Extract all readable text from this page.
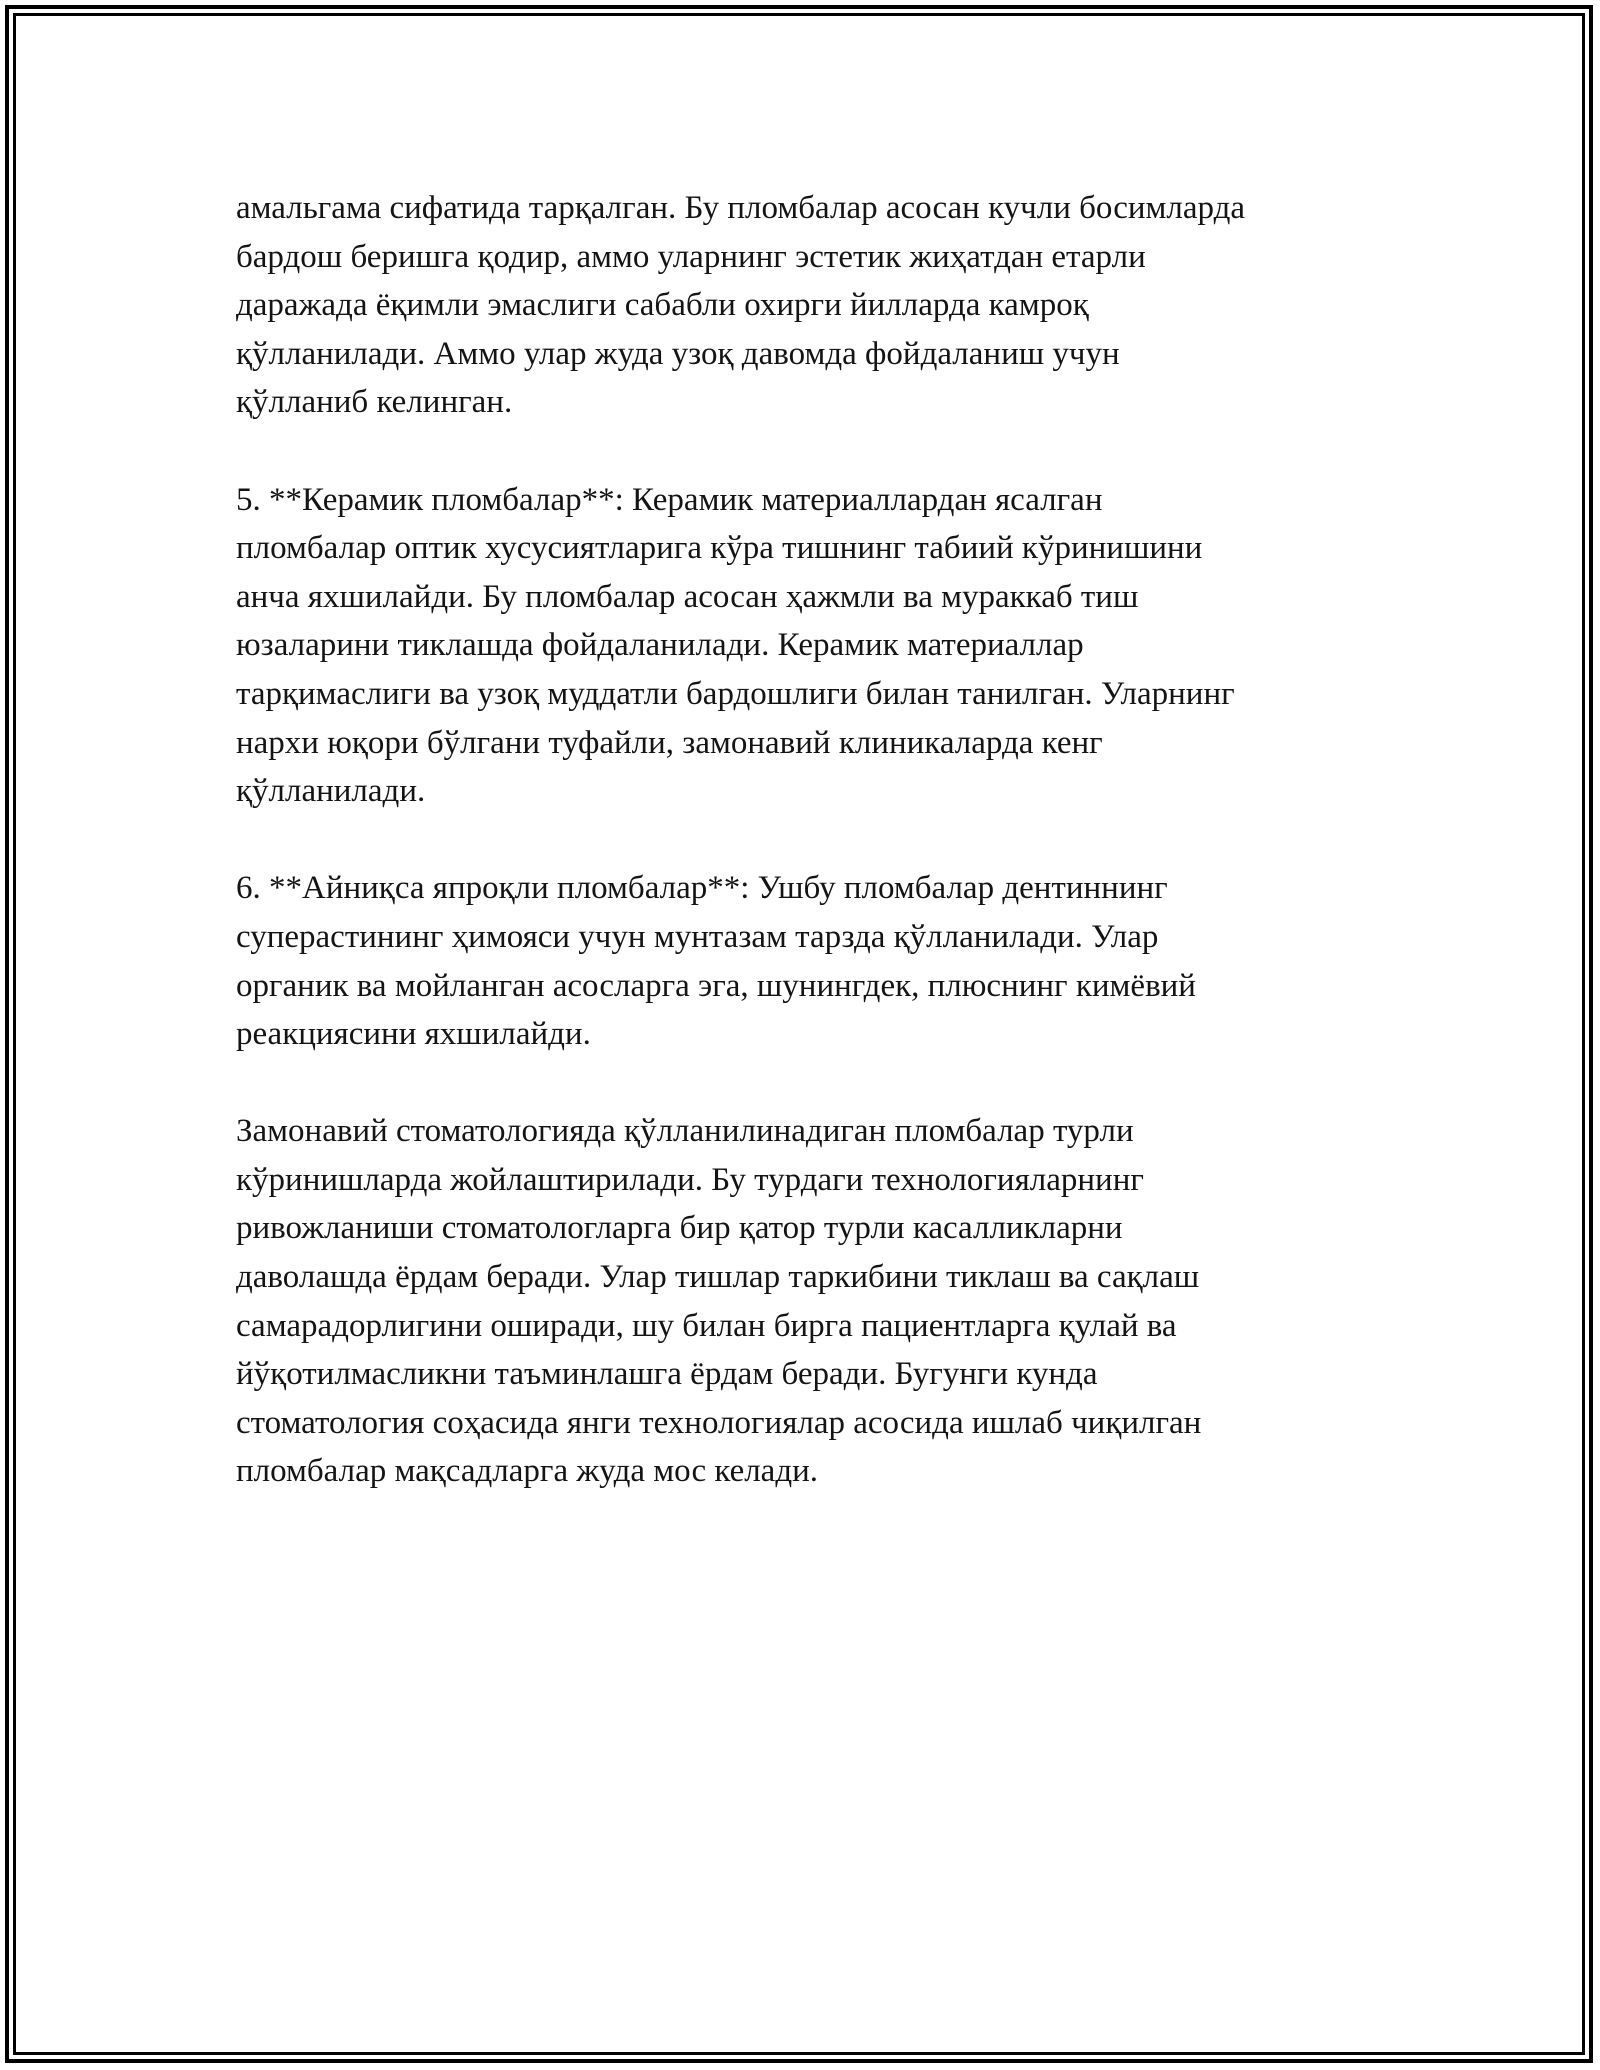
амальгама сифатида тарқалган. Бу пломбалар асосан кучли босимларда
бардош беришга қодир, аммо уларнинг эстетик жиҳатдан етарли
даражада ёқимли эмаслиги сабабли охирги йилларда камроқ
қўлланилади. Аммо улар жуда узоқ давомда фойдаланиш учун
қўлланиб келинган.

5. **Керамик пломбалар**: Керамик материаллардан ясалган
пломбалар оптик хусусиятларига кўра тишнинг табиий кўринишини
анча яхшилайди. Бу пломбалар асосан ҳажмли ва мураккаб тиш
юзаларини тиклашда фойдаланилади. Керамик материаллар
тарқимаслиги ва узоқ муддатли бардошлиги билан танилган. Уларнинг
нархи юқори бўлгани туфайли, замонавий клиникаларда кенг
қўлланилади.

6. **Айниқса япроқли пломбалар**: Ушбу пломбалар дентиннинг
суперастининг ҳимояси учун мунтазам тарзда қўлланилади. Улар
органик ва мойланган асосларга эга, шунингдек, плюснинг кимёвий
реакциясини яхшилайди.

Замонавий стоматологияда қўлланилинадиган пломбалар турли
кўринишларда жойлаштирилади. Бу турдаги технологияларнинг
ривожланиши стоматологларга бир қатор турли касалликларни
даволашда ёрдам беради. Улар тишлар таркибини тиклаш ва сақлаш
самарадорлигини оширади, шу билан бирга пациентларга қулай ва
йўқотилмасликни таъминлашга ёрдам беради. Бугунги кунда
стоматология соҳасида янги технологиялар асосида ишлаб чиқилган
пломбалар мақсадларга жуда мос келади.
